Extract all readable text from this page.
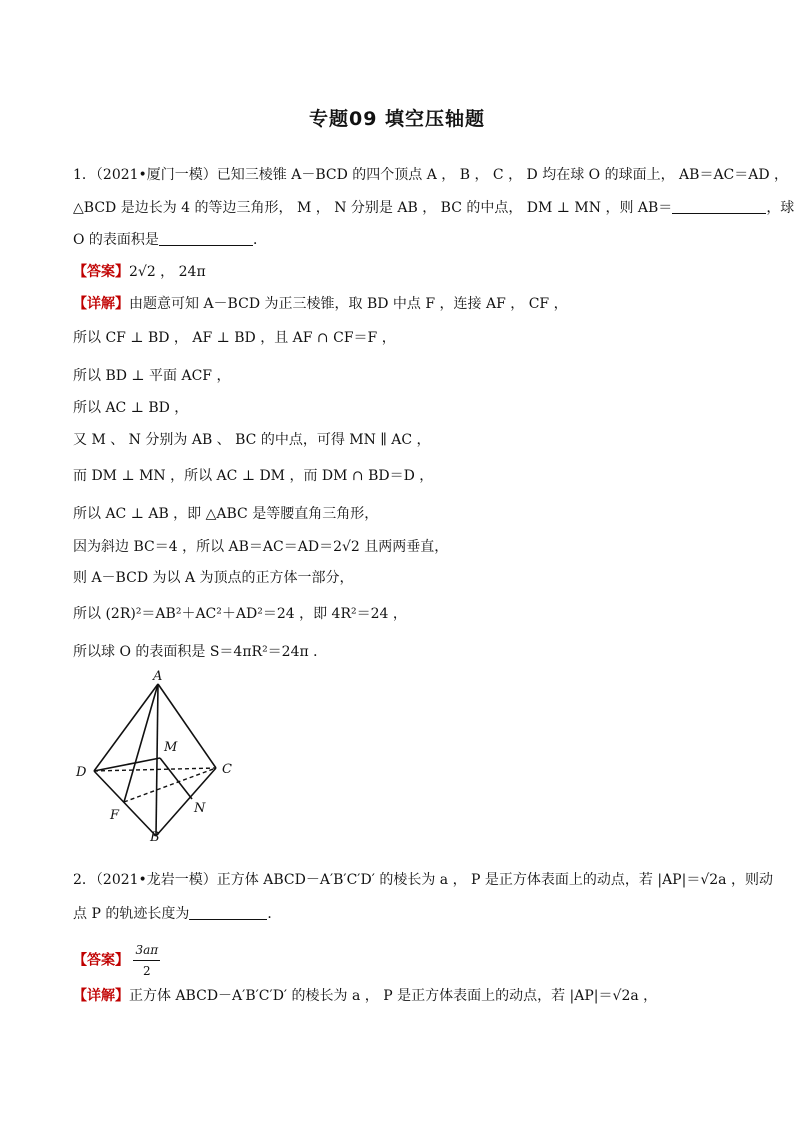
专题09 填空压轴题
1．（2021•厦门一模）已知三棱锥 A－BCD 的四个顶点 A ， B ， C ， D 均在球 O 的球面上， AB＝AC＝AD ，
△BCD 是边长为 4 的等边三角形， M ， N 分别是 AB ， BC 的中点， DM ⊥ MN ，则 AB＝	，球
O 的表面积是	．
【答案】2√2 ， 24π
【详解】由题意可知 A－BCD 为正三棱锥，取 BD 中点 F ，连接 AF ， CF ，
所以 CF ⊥ BD ， AF ⊥ BD ，且 AF ∩ CF＝F ，
所以 BD ⊥ 平面 ACF ，
所以 AC ⊥ BD ，
又 M 、 N 分别为 AB 、 BC 的中点，可得 MN ∥ AC ，
而 DM ⊥ MN ，所以 AC ⊥ DM ，而 DM ∩ BD＝D ，
所以 AC ⊥ AB ，即 △ABC 是等腰直角三角形，
因为斜边 BC＝4 ，所以 AB＝AC＝AD＝2√2 且两两垂直，
则 A－BCD 为以 A 为顶点的正方体一部分，
所以 (2R)²＝AB²＋AC²＋AD²＝24 ，即 4R²＝24 ，
所以球 O 的表面积是 S＝4πR²＝24π ．
A
D	C
B
M
N
F
2．（2021•龙岩一模）正方体 ABCD－A′B′C′D′ 的棱长为 a ， P 是正方体表面上的动点，若 |AP|＝√2a ，则动
点 P 的轨迹长度为	．
【答案】 $\frac{3a\pi}{2}$
【详解】正方体 ABCD－A′B′C′D′ 的棱长为 a ， P 是正方体表面上的动点，若 |AP|＝√2a ，
